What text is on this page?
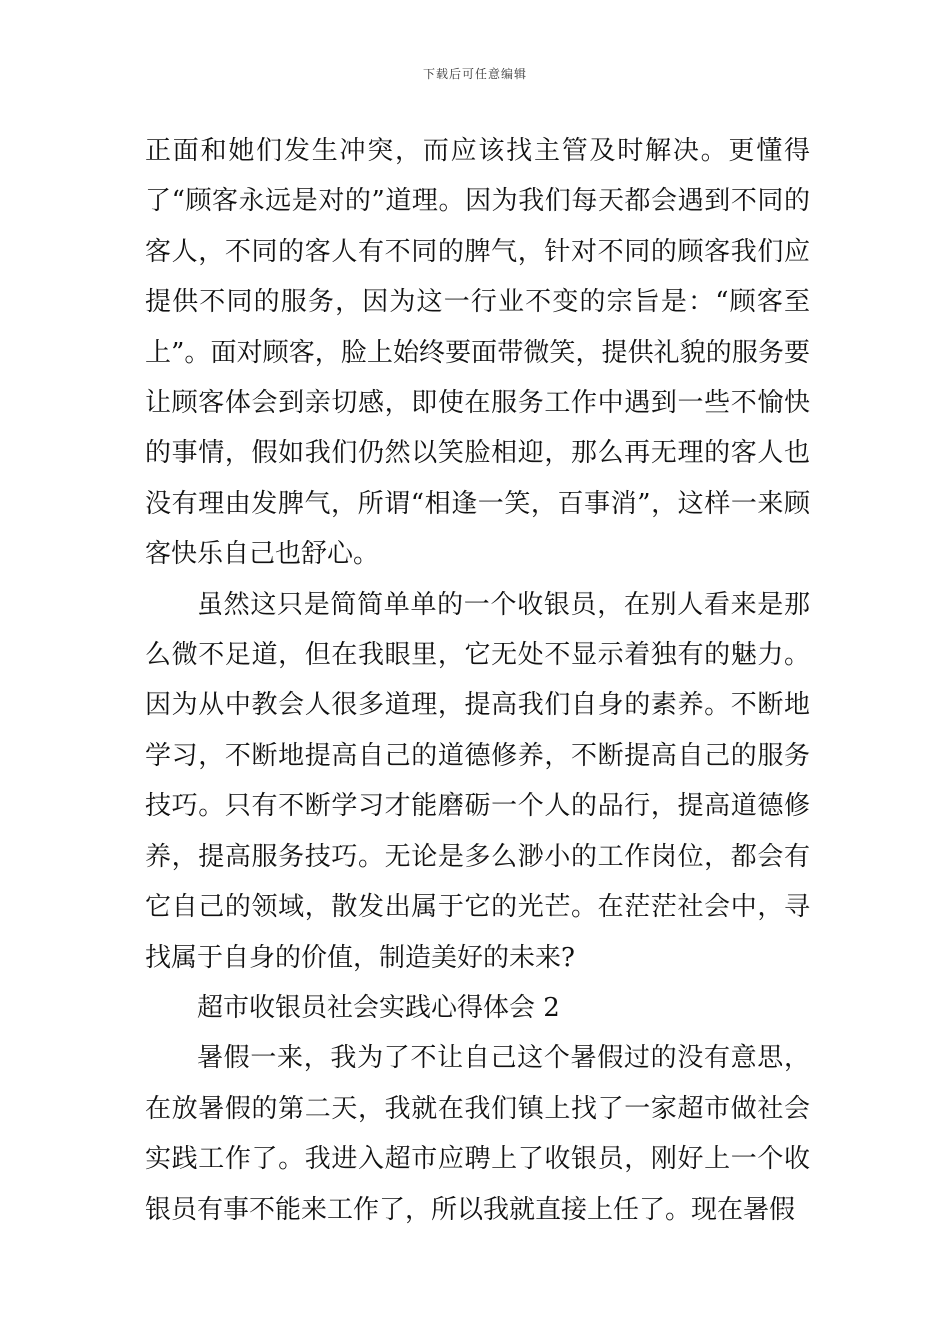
下载后可任意编辑

正面和她们发生冲突，而应该找主管及时解决。更懂得了“顾客永远是对的”道理。因为我们每天都会遇到不同的客人，不同的客人有不同的脾气，针对不同的顾客我们应提供不同的服务，因为这一行业不变的宗旨是：“顾客至上”。面对顾客，脸上始终要面带微笑，提供礼貌的服务要让顾客体会到亲切感，即使在服务工作中遇到一些不愉快的事情，假如我们仍然以笑脸相迎，那么再无理的客人也没有理由发脾气，所谓“相逢一笑，百事消”，这样一来顾客快乐自己也舒心。

虽然这只是简简单单的一个收银员，在别人看来是那么微不足道，但在我眼里，它无处不显示着独有的魅力。因为从中教会人很多道理，提高我们自身的素养。不断地学习，不断地提高自己的道德修养，不断提高自己的服务技巧。只有不断学习才能磨砺一个人的品行，提高道德修养，提高服务技巧。无论是多么渺小的工作岗位，都会有它自己的领域，散发出属于它的光芒。在茫茫社会中，寻找属于自身的价值，制造美好的未来?

超市收银员社会实践心得体会 2

暑假一来，我为了不让自己这个暑假过的没有意思，在放暑假的第二天，我就在我们镇上找了一家超市做社会实践工作了。我进入超市应聘上了收银员，刚好上一个收银员有事不能来工作了，所以我就直接上任了。现在暑假
